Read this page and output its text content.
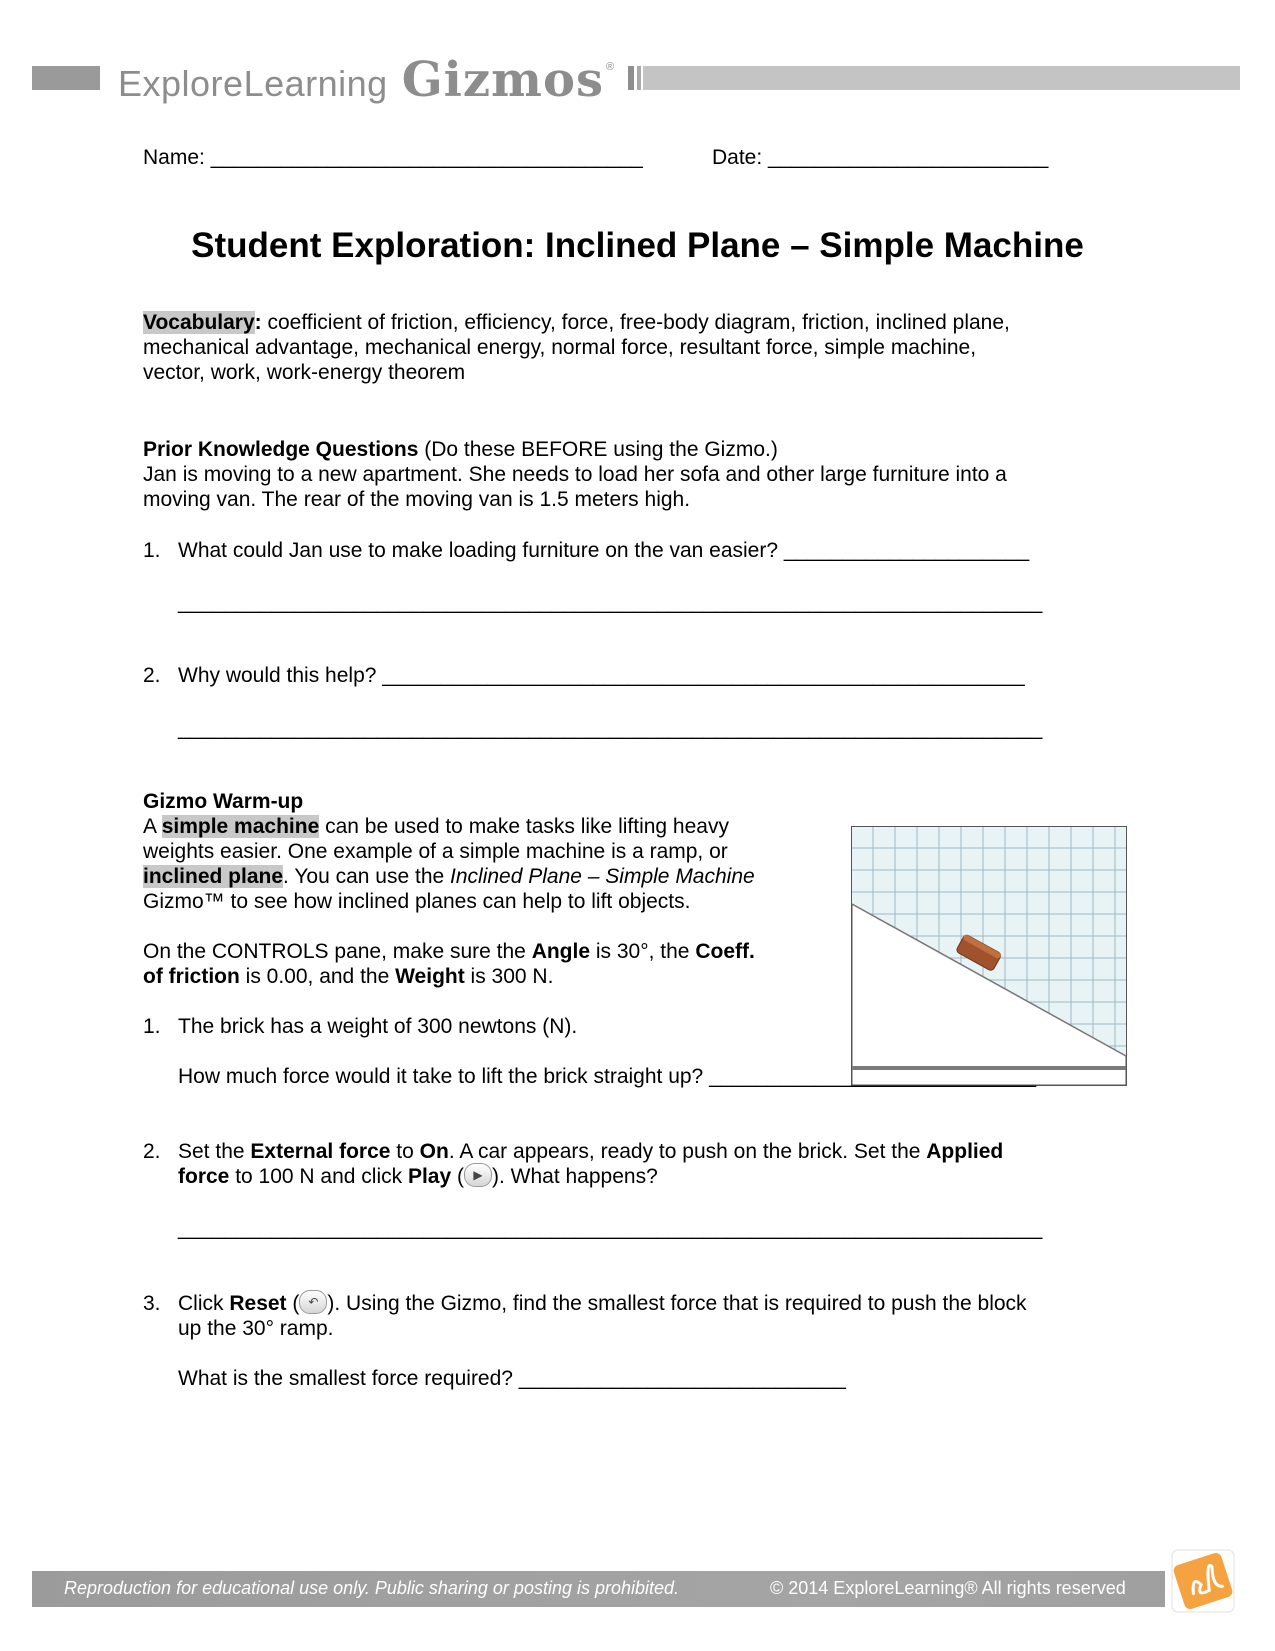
ExploreLearning Gizmos ®
Name: _____________________________________	Date: ________________________
Student Exploration: Inclined Plane – Simple Machine
Vocabulary: coefficient of friction, efficiency, force, free-body diagram, friction, inclined plane,
mechanical advantage, mechanical energy, normal force, resultant force, simple machine,
vector, work, work-energy theorem
Prior Knowledge Questions (Do these BEFORE using the Gizmo.)
Jan is moving to a new apartment. She needs to load her sofa and other large furniture into a
moving van. The rear of the moving van is 1.5 meters high.
1. What could Jan use to make loading furniture on the van easier? _____________________
__________________________________________________________________________
2. Why would this help? _______________________________________________________
__________________________________________________________________________
Gizmo Warm-up
A simple machine can be used to make tasks like lifting heavy
weights easier. One example of a simple machine is a ramp, or
inclined plane. You can use the Inclined Plane – Simple Machine
Gizmo™ to see how inclined planes can help to lift objects.
On the CONTROLS pane, make sure the Angle is 30°, the Coeff.
of friction is 0.00, and the Weight is 300 N.
1. The brick has a weight of 300 newtons (N).
How much force would it take to lift the brick straight up? ____________________________
2. Set the External force to On. A car appears, ready to push on the brick. Set the Applied
force to 100 N and click Play ( ▶ ). What happens?
__________________________________________________________________________
3. Click Reset ( ↶ ). Using the Gizmo, find the smallest force that is required to push the block
up the 30° ramp.
What is the smallest force required? ____________________________
Reproduction for educational use only. Public sharing or posting is prohibited.	© 2014 ExploreLearning® All rights reserved
